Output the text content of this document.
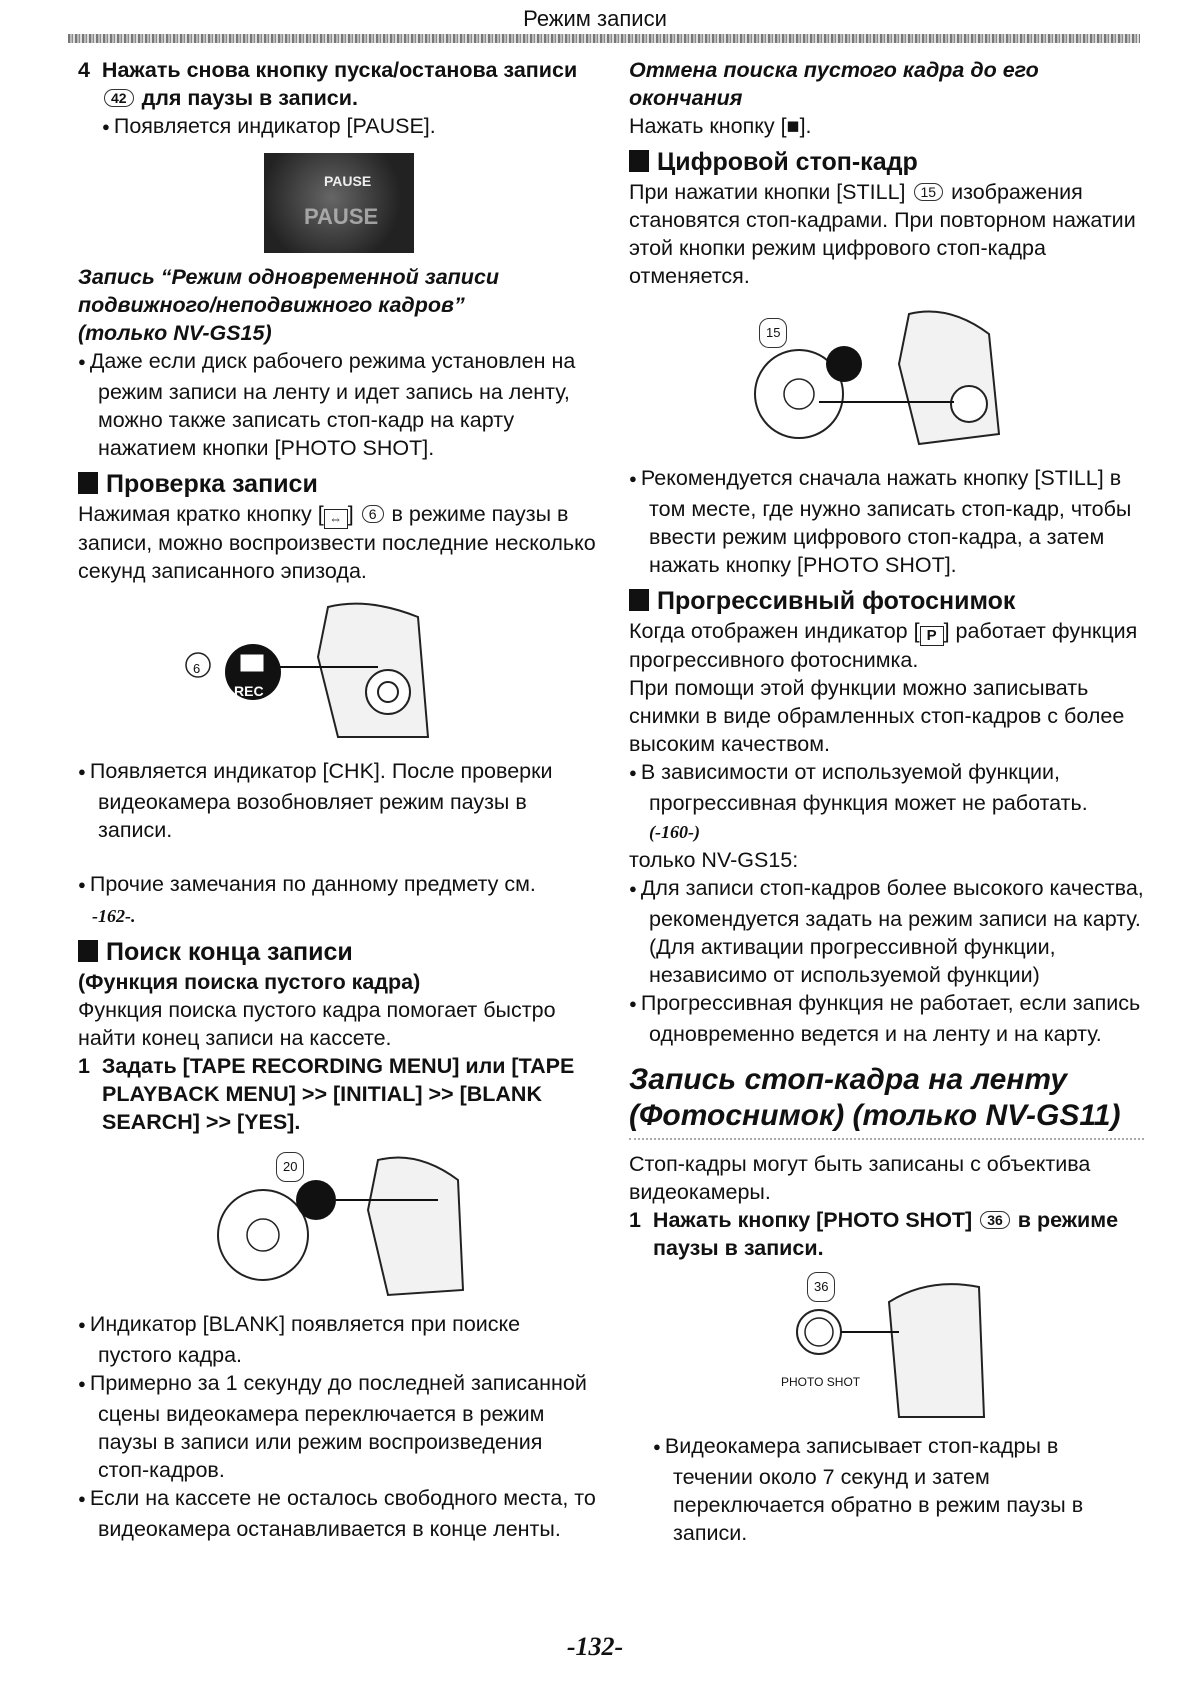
Режим записи

4 Нажать снова кнопку пуска/останова записи 42 для паузы в записи.

● Появляется индикатор [PAUSE].

PAUSE
PAUSE

Запись “Режим одновременной записи подвижного/неподвижного кадров”

(только NV-GS15)

● Даже если диск рабочего режима установлен на режим записи на ленту и идет запись на ленту, можно также записать стоп-кадр на карту нажатием кнопки [PHOTO SHOT].

Проверка записи

Нажимая кратко кнопку [ ⇔ ] 6 в режиме паузы в записи, можно воспроизвести последние несколько секунд записанного эпизода.

6
REC

● Появляется индикатор [CHK]. После проверки видеокамера возобновляет режим паузы в записи.

● Прочие замечания по данному предмету см.

-162-.

Поиск конца записи

(Функция поиска пустого кадра)

Функция поиска пустого кадра помогает быстро найти конец записи на кассете.

1 Задать [TAPE RECORDING MENU] или [TAPE PLAYBACK MENU] >> [INITIAL] >> [BLANK SEARCH] >> [YES].

20

● Индикатор [BLANK] появляется при поиске пустого кадра.

● Примерно за 1 секунду до последней записанной сцены видеокамера переключается в режим паузы в записи или режим воспроизведения стоп-кадров.

● Если на кассете не осталось свободного места, то видеокамера останавливается в конце ленты.

Отмена поиска пустого кадра до его окончания

Нажать кнопку [■].

Цифровой стоп-кадр

При нажатии кнопки [STILL] 15 изображения становятся стоп-кадрами. При повторном нажатии этой кнопки режим цифрового стоп-кадра отменяется.

15

● Рекомендуется сначала нажать кнопку [STILL] в том месте, где нужно записать стоп-кадр, чтобы ввести режим цифрового стоп-кадра, а затем нажать кнопку [PHOTO SHOT].

Прогрессивный фотоснимок

Когда отображен индикатор [ P ] работает функция прогрессивного фотоснимка.

При помощи этой функции можно записывать снимки в виде обрамленных стоп-кадров с более высоким качеством.

● В зависимости от используемой функции, прогрессивная функция может не работать.

(-160-)

только NV-GS15:

● Для записи стоп-кадров более высокого качества, рекомендуется задать на режим записи на карту. (Для активации прогрессивной функции, независимо от используемой функции)

● Прогрессивная функция не работает, если запись одновременно ведется и на ленту и на карту.

Запись стоп-кадра на ленту (Фотоснимок) (только NV-GS11)

Стоп-кадры могут быть записаны с объектива видеокамеры.

1 Нажать кнопку [PHOTO SHOT] 36 в режиме паузы в записи.

36
PHOTO SHOT

● Видеокамера записывает стоп-кадры в течении около 7 секунд и затем переключается обратно в режим паузы в записи.

-132-
